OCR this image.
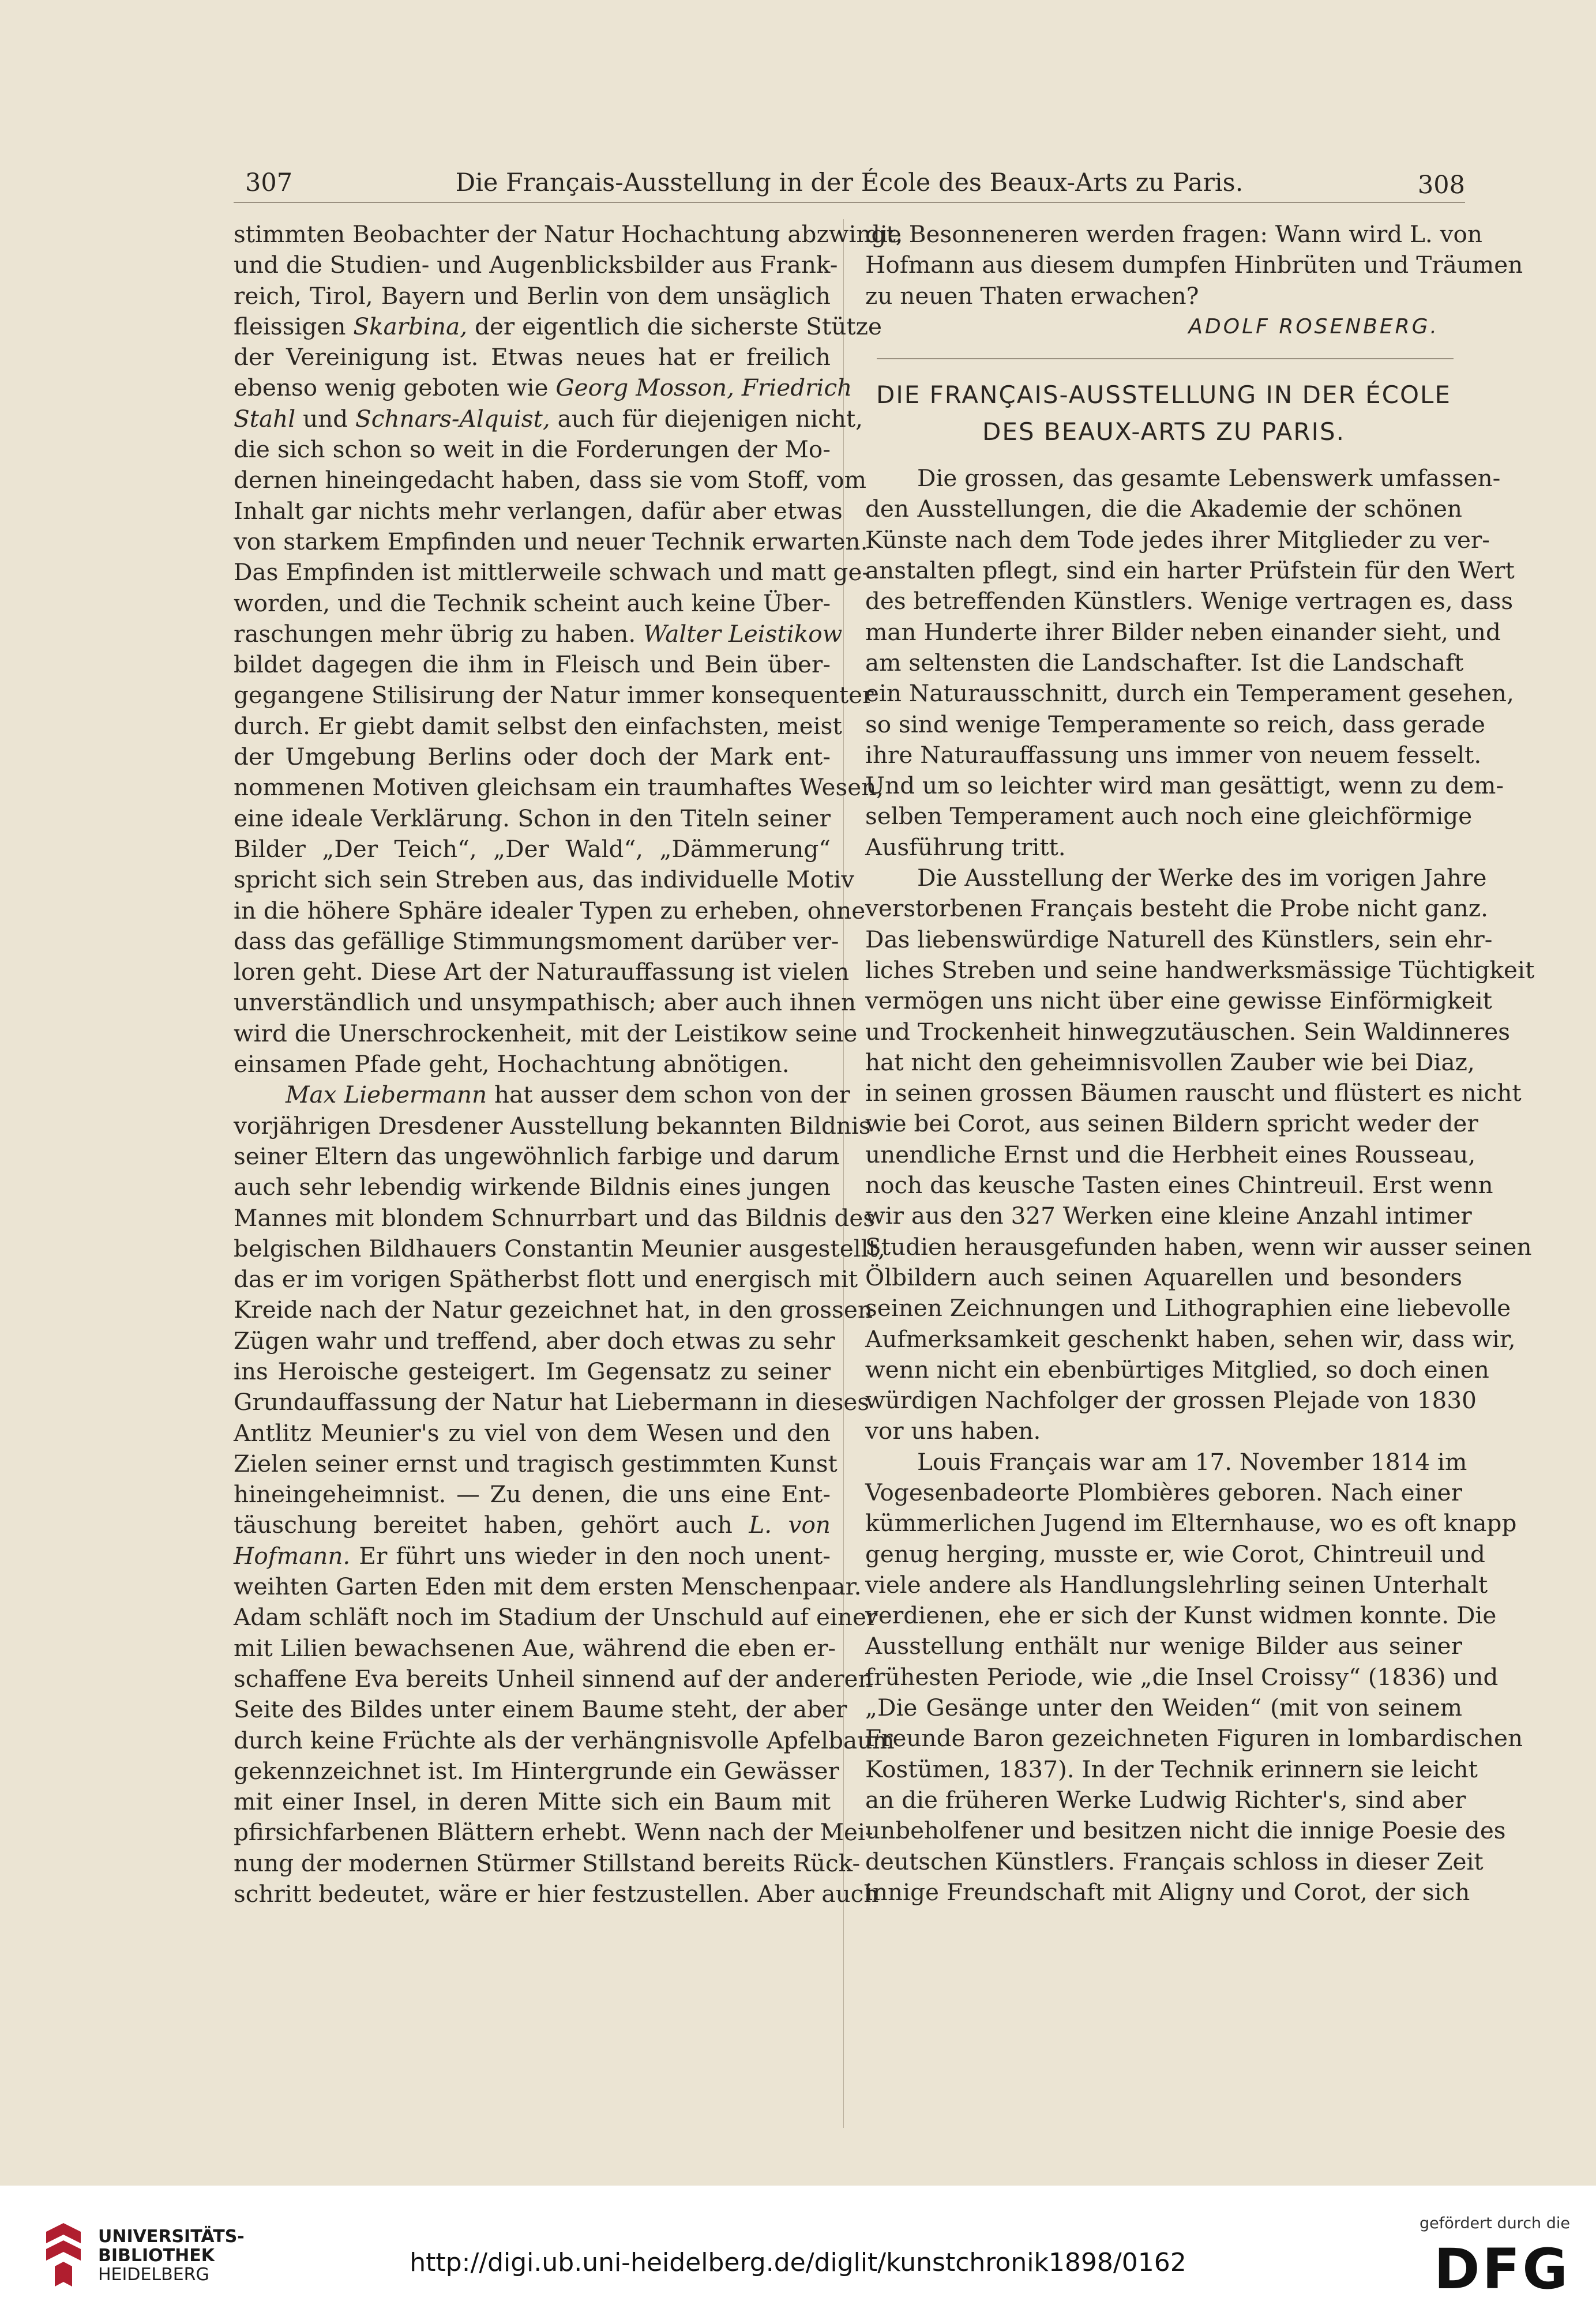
307	Die Français-Ausstellung in der École des Beaux-Arts zu Paris.	308
stimmten Beobachter der Natur Hochachtung abzwingt,
und die Studien- und Augenblicksbilder aus Frank-
reich, Tirol, Bayern und Berlin von dem unsäglich
fleissigen Skarbina, der eigentlich die sicherste Stütze
der Vereinigung ist. Etwas neues hat er freilich
ebenso wenig geboten wie Georg Mosson, Friedrich
Stahl und Schnars-Alquist, auch für diejenigen nicht,
die sich schon so weit in die Forderungen der Mo-
dernen hineingedacht haben, dass sie vom Stoff, vom
Inhalt gar nichts mehr verlangen, dafür aber etwas
von starkem Empfinden und neuer Technik erwarten.
Das Empfinden ist mittlerweile schwach und matt ge-
worden, und die Technik scheint auch keine Über-
raschungen mehr übrig zu haben. Walter Leistikow
bildet dagegen die ihm in Fleisch und Bein über-
gegangene Stilisirung der Natur immer konsequenter
durch. Er giebt damit selbst den einfachsten, meist
der Umgebung Berlins oder doch der Mark ent-
nommenen Motiven gleichsam ein traumhaftes Wesen,
eine ideale Verklärung. Schon in den Titeln seiner
Bilder „Der Teich“, „Der Wald“, „Dämmerung“
spricht sich sein Streben aus, das individuelle Motiv
in die höhere Sphäre idealer Typen zu erheben, ohne
dass das gefällige Stimmungsmoment darüber ver-
loren geht. Diese Art der Naturauffassung ist vielen
unverständlich und unsympathisch; aber auch ihnen
wird die Unerschrockenheit, mit der Leistikow seine
einsamen Pfade geht, Hochachtung abnötigen.
Max Liebermann hat ausser dem schon von der
vorjährigen Dresdener Ausstellung bekannten Bildnis
seiner Eltern das ungewöhnlich farbige und darum
auch sehr lebendig wirkende Bildnis eines jungen
Mannes mit blondem Schnurrbart und das Bildnis des
belgischen Bildhauers Constantin Meunier ausgestellt,
das er im vorigen Spätherbst flott und energisch mit
Kreide nach der Natur gezeichnet hat, in den grossen
Zügen wahr und treffend, aber doch etwas zu sehr
ins Heroische gesteigert. Im Gegensatz zu seiner
Grundauffassung der Natur hat Liebermann in dieses
Antlitz Meunier's zu viel von dem Wesen und den
Zielen seiner ernst und tragisch gestimmten Kunst
hineingeheimnist. — Zu denen, die uns eine Ent-
täuschung bereitet haben, gehört auch L. von
Hofmann. Er führt uns wieder in den noch unent-
weihten Garten Eden mit dem ersten Menschenpaar.
Adam schläft noch im Stadium der Unschuld auf einer
mit Lilien bewachsenen Aue, während die eben er-
schaffene Eva bereits Unheil sinnend auf der anderen
Seite des Bildes unter einem Baume steht, der aber
durch keine Früchte als der verhängnisvolle Apfelbaum
gekennzeichnet ist. Im Hintergrunde ein Gewässer
mit einer Insel, in deren Mitte sich ein Baum mit
pfirsichfarbenen Blättern erhebt. Wenn nach der Mei-
nung der modernen Stürmer Stillstand bereits Rück-
schritt bedeutet, wäre er hier festzustellen. Aber auch
die Besonneneren werden fragen: Wann wird L. von
Hofmann aus diesem dumpfen Hinbrüten und Träumen
zu neuen Thaten erwachen?
ADOLF ROSENBERG.
DIE FRANÇAIS-AUSSTELLUNG IN DER ÉCOLE
DES BEAUX-ARTS ZU PARIS.
Die grossen, das gesamte Lebenswerk umfassen-
den Ausstellungen, die die Akademie der schönen
Künste nach dem Tode jedes ihrer Mitglieder zu ver-
anstalten pflegt, sind ein harter Prüfstein für den Wert
des betreffenden Künstlers. Wenige vertragen es, dass
man Hunderte ihrer Bilder neben einander sieht, und
am seltensten die Landschafter. Ist die Landschaft
ein Naturausschnitt, durch ein Temperament gesehen,
so sind wenige Temperamente so reich, dass gerade
ihre Naturauffassung uns immer von neuem fesselt.
Und um so leichter wird man gesättigt, wenn zu dem-
selben Temperament auch noch eine gleichförmige
Ausführung tritt.
Die Ausstellung der Werke des im vorigen Jahre
verstorbenen Français besteht die Probe nicht ganz.
Das liebenswürdige Naturell des Künstlers, sein ehr-
liches Streben und seine handwerksmässige Tüchtigkeit
vermögen uns nicht über eine gewisse Einförmigkeit
und Trockenheit hinwegzutäuschen. Sein Waldinneres
hat nicht den geheimnisvollen Zauber wie bei Diaz,
in seinen grossen Bäumen rauscht und flüstert es nicht
wie bei Corot, aus seinen Bildern spricht weder der
unendliche Ernst und die Herbheit eines Rousseau,
noch das keusche Tasten eines Chintreuil. Erst wenn
wir aus den 327 Werken eine kleine Anzahl intimer
Studien herausgefunden haben, wenn wir ausser seinen
Ölbildern auch seinen Aquarellen und besonders
seinen Zeichnungen und Lithographien eine liebevolle
Aufmerksamkeit geschenkt haben, sehen wir, dass wir,
wenn nicht ein ebenbürtiges Mitglied, so doch einen
würdigen Nachfolger der grossen Plejade von 1830
vor uns haben.
Louis Français war am 17. November 1814 im
Vogesenbadeorte Plombières geboren. Nach einer
kümmerlichen Jugend im Elternhause, wo es oft knapp
genug herging, musste er, wie Corot, Chintreuil und
viele andere als Handlungslehrling seinen Unterhalt
verdienen, ehe er sich der Kunst widmen konnte. Die
Ausstellung enthält nur wenige Bilder aus seiner
frühesten Periode, wie „die Insel Croissy“ (1836) und
„Die Gesänge unter den Weiden“ (mit von seinem
Freunde Baron gezeichneten Figuren in lombardischen
Kostümen, 1837). In der Technik erinnern sie leicht
an die früheren Werke Ludwig Richter's, sind aber
unbeholfener und besitzen nicht die innige Poesie des
deutschen Künstlers. Français schloss in dieser Zeit
innige Freundschaft mit Aligny und Corot, der sich
UNIVERSITÄTS-
BIBLIOTHEK
HEIDELBERG	http://digi.ub.uni-heidelberg.de/diglit/kunstchronik1898/0162
gefördert durch die
DFG
